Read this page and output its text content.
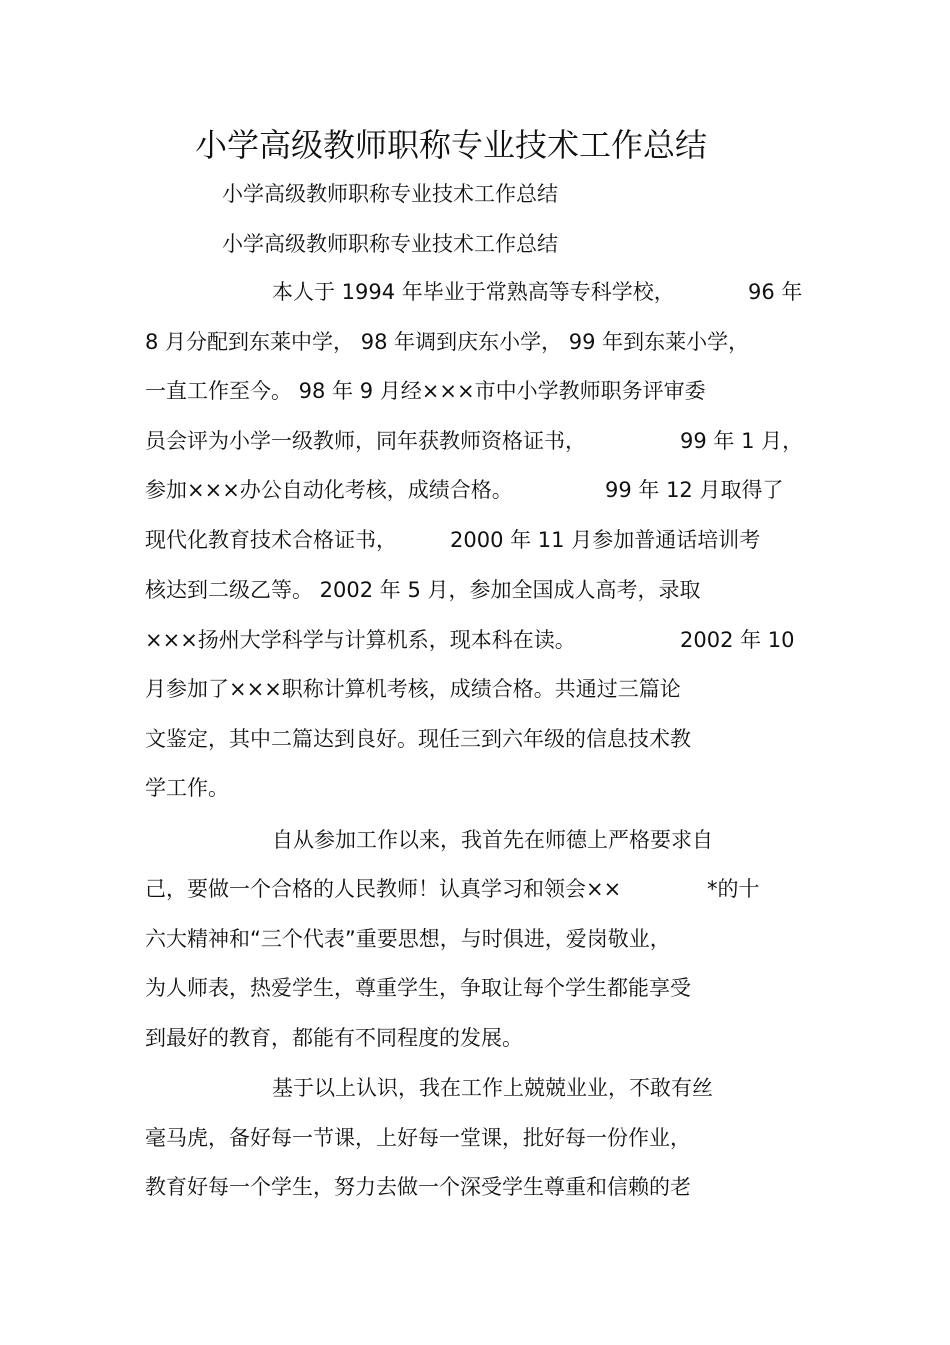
小学高级教师职称专业技术工作总结
小学高级教师职称专业技术工作总结
小学高级教师职称专业技术工作总结
本人于 1994 年毕业于常熟高等专科学校，	96 年
8 月分配到东莱中学， 98 年调到庆东小学， 99 年到东莱小学，
一直工作至今。 98 年 9 月经×××市中小学教师职务评审委
员会评为小学一级教师，同年获教师资格证书，	99 年 1 月，
参加×××办公自动化考核，成绩合格。	99 年 12 月取得了
现代化教育技术合格证书，	2000 年 11 月参加普通话培训考
核达到二级乙等。 2002 年 5 月，参加全国成人高考，录取
×××扬州大学科学与计算机系，现本科在读。	2002 年 10
月参加了×××职称计算机考核，成绩合格。共通过三篇论
文鉴定，其中二篇达到良好。现任三到六年级的信息技术教
学工作。
自从参加工作以来，我首先在师德上严格要求自
己，要做一个合格的人民教师！认真学习和领会××	*的十
六大精神和“三个代表”重要思想，与时俱进，爱岗敬业，
为人师表，热爱学生，尊重学生，争取让每个学生都能享受
到最好的教育，都能有不同程度的发展。
基于以上认识，我在工作上兢兢业业，不敢有丝
毫马虎，备好每一节课，上好每一堂课，批好每一份作业，
教育好每一个学生，努力去做一个深受学生尊重和信赖的老
